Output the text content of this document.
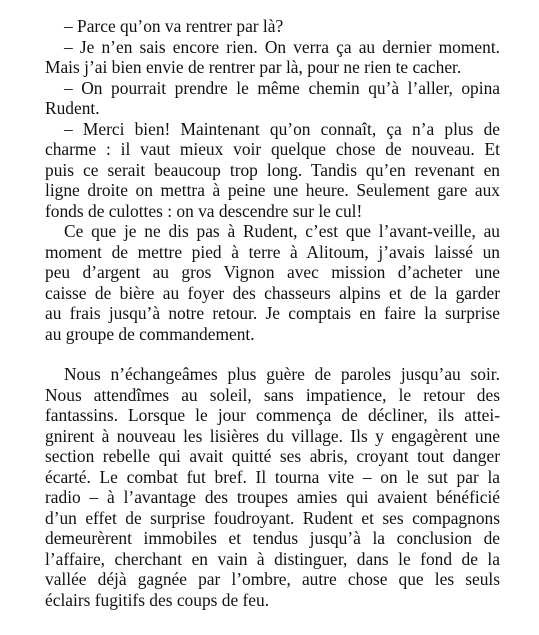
– Parce qu’on va rentrer par là?
– Je n’en sais encore rien. On verra ça au dernier moment.
Mais j’ai bien envie de rentrer par là, pour ne rien te cacher.
– On pourrait prendre le même chemin qu’à l’aller, opina
Rudent.
– Merci bien! Maintenant qu’on connaît, ça n’a plus de
charme : il vaut mieux voir quelque chose de nouveau. Et
puis ce serait beaucoup trop long. Tandis qu’en revenant en
ligne droite on mettra à peine une heure. Seulement gare aux
fonds de culottes : on va descendre sur le cul!
Ce que je ne dis pas à Rudent, c’est que l’avant-veille, au
moment de mettre pied à terre à Alitoum, j’avais laissé un
peu d’argent au gros Vignon avec mission d’acheter une
caisse de bière au foyer des chasseurs alpins et de la garder
au frais jusqu’à notre retour. Je comptais en faire la surprise
au groupe de commandement.
Nous n’échangeâmes plus guère de paroles jusqu’au soir.
Nous attendîmes au soleil, sans impatience, le retour des
fantassins. Lorsque le jour commença de décliner, ils attei-
gnirent à nouveau les lisières du village. Ils y engagèrent une
section rebelle qui avait quitté ses abris, croyant tout danger
écarté. Le combat fut bref. Il tourna vite – on le sut par la
radio – à l’avantage des troupes amies qui avaient bénéficié
d’un effet de surprise foudroyant. Rudent et ses compagnons
demeurèrent immobiles et tendus jusqu’à la conclusion de
l’affaire, cherchant en vain à distinguer, dans le fond de la
vallée déjà gagnée par l’ombre, autre chose que les seuls
éclairs fugitifs des coups de feu.
